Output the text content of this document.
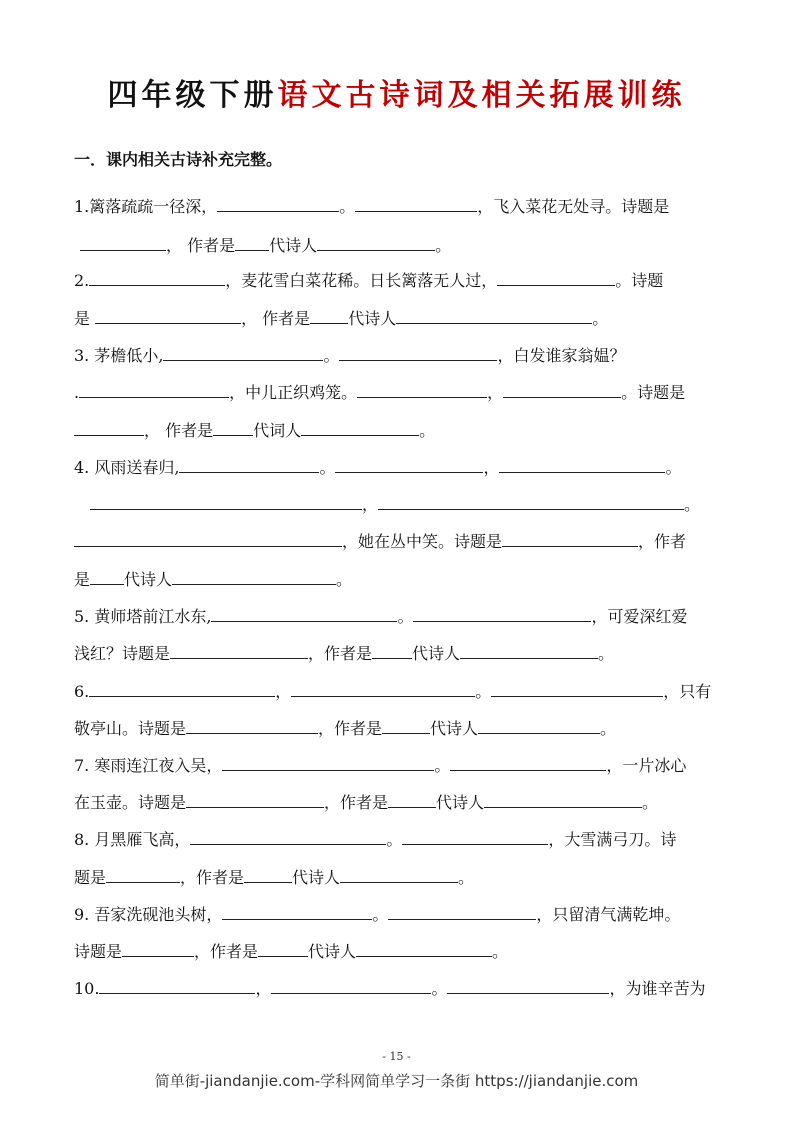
四年级下册语文古诗词及相关拓展训练
一．课内相关古诗补充完整。
1.篱落疏疏一径深，	。	，飞入菜花无处寻。诗题是
， 作者是 代诗人	。
2.	，麦花雪白菜花稀。日长篱落无人过，	。诗题
是	， 作者是 代诗人	。
3. 茅檐低小,	。	，白发谁家翁媪？
.	，中儿正织鸡笼。	，	。诗题是
， 作者是	代词人	。
4. 风雨送春归,	。	，	。
，	。
，她在丛中笑。诗题是	，作者
是 代诗人	。
5. 黄师塔前江水东,	。	，可爱深红爱
浅红？诗题是	，作者是	代诗人	。
6.	，	。	，只有
敬亭山。诗题是	，作者是	代诗人	。
7. 寒雨连江夜入吴，	。	，一片冰心
在玉壶。诗题是	，作者是	代诗人	。
8. 月黑雁飞高，	。	，大雪满弓刀。诗
题是	，作者是	代诗人	。
9. 吾家洗砚池头树，	。	，只留清气满乾坤。
诗题是	，作者是	代诗人	。
10.	，	。	，为谁辛苦为
- 15 -
简单街-jiandanjie.com-学科网简单学习一条街 https://jiandanjie.com
